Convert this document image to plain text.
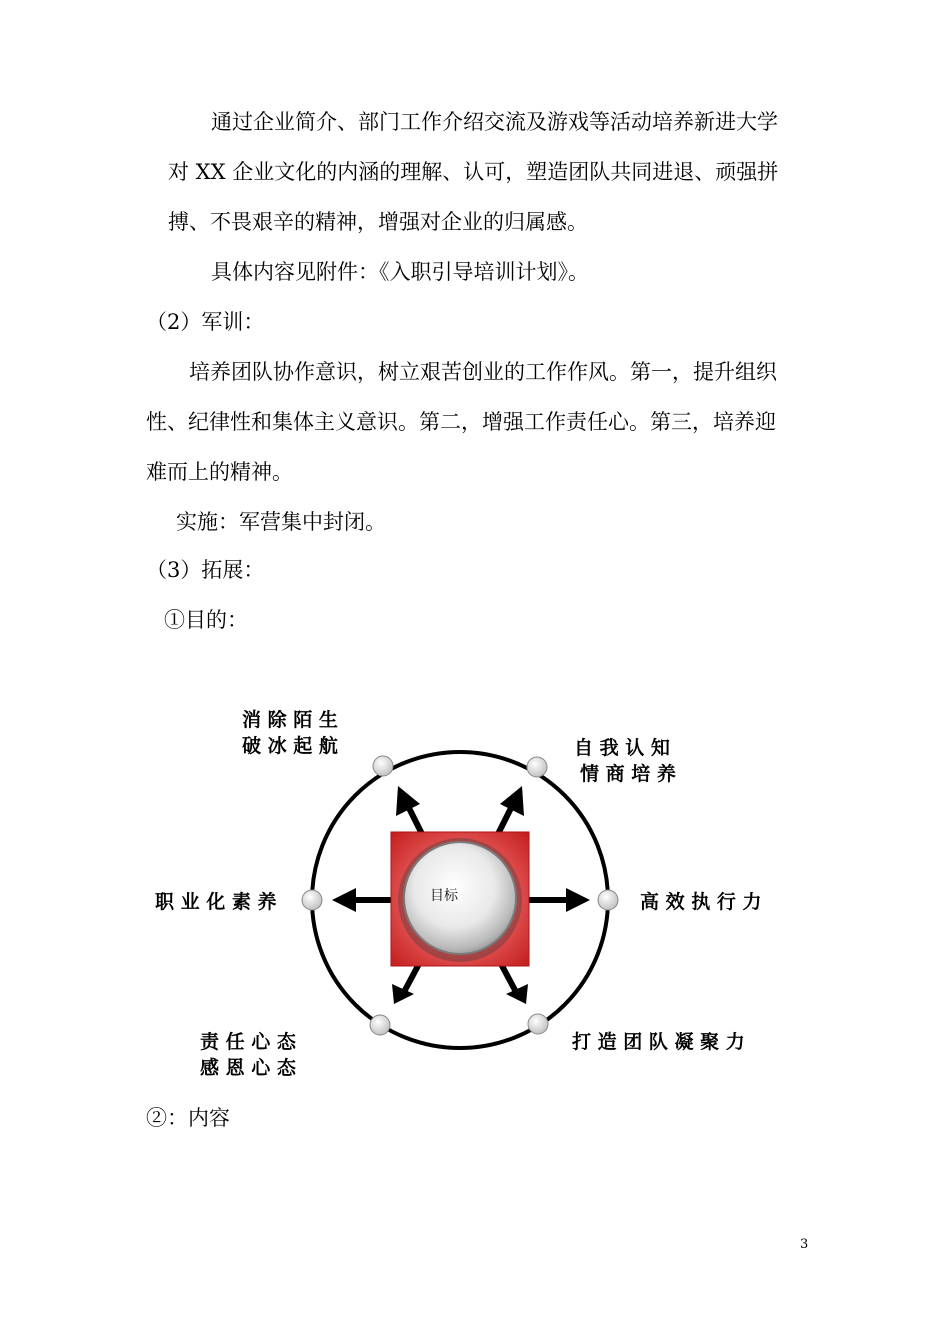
通过企业简介、部门工作介绍交流及游戏等活动培养新进大学
对 XX 企业文化的内涵的理解、认可，塑造团队共同进退、顽强拼
搏、不畏艰辛的精神，增强对企业的归属感。
具体内容见附件：《入职引导培训计划》。
（2）军训：
培养团队协作意识，树立艰苦创业的工作作风。第一，提升组织
性、纪律性和集体主义意识。第二，增强工作责任心。第三，培养迎
难而上的精神。
实施：军营集中封闭。
（3）拓展：
①目的：
目标
消 除 陌 生
破 冰 起 航	自 我 认 知
情 商 培 养
职 业 化 素 养	高 效 执 行 力
责 任 心 态
感 恩 心 态
打 造 团 队 凝 聚 力
②：内容
3
